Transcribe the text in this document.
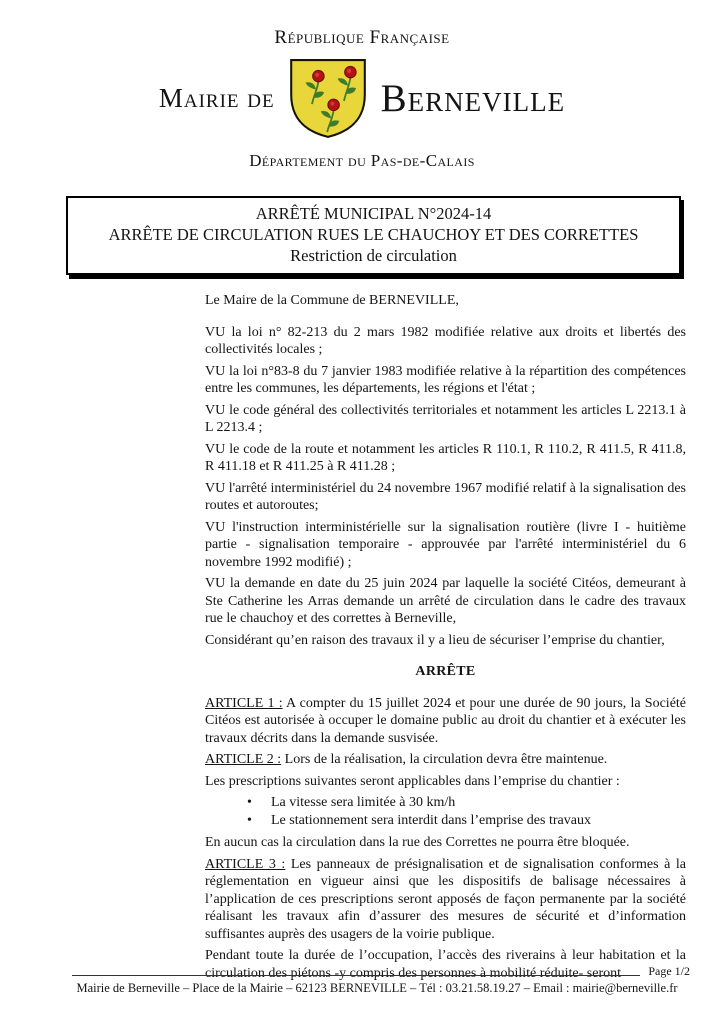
République Française
Mairie de	Berneville
Département du Pas-de-Calais
ARRÊTÉ MUNICIPAL N°2024-14
ARRÊTE DE CIRCULATION RUES LE CHAUCHOY ET DES CORRETTES
Restriction de circulation

Le Maire de la Commune de BERNEVILLE,

VU la loi n° 82-213 du 2 mars 1982 modifiée relative aux droits et libertés des collectivités locales ;

VU la loi n°83-8 du 7 janvier 1983 modifiée relative à la répartition des compétences entre les communes, les départements, les régions et l'état ;

VU le code général des collectivités territoriales et notamment les articles L 2213.1 à L 2213.4 ;

VU le code de la route et notamment les articles R 110.1, R 110.2, R 411.5, R 411.8, R 411.18 et R 411.25 à R 411.28 ;

VU l'arrêté interministériel du 24 novembre 1967 modifié relatif à la signalisation des routes et autoroutes;

VU l'instruction interministérielle sur la signalisation routière (livre I - huitième partie - signalisation temporaire - approuvée par l'arrêté interministériel du 6 novembre 1992 modifié) ;

VU la demande en date du 25 juin 2024 par laquelle la société Citéos, demeurant à Ste Catherine les Arras demande un arrêté de circulation dans le cadre des travaux rue le chauchoy et des correttes à Berneville,

Considérant qu’en raison des travaux il y a lieu de sécuriser l’emprise du chantier,

ARRÊTE

ARTICLE 1 : A compter du 15 juillet 2024 et pour une durée de 90 jours, la Société Citéos est autorisée à occuper le domaine public au droit du chantier et à exécuter les travaux décrits dans la demande susvisée.

ARTICLE 2 : Lors de la réalisation, la circulation devra être maintenue.

Les prescriptions suivantes seront applicables dans l’emprise du chantier :

•	La vitesse sera limitée à 30 km/h
•	Le stationnement sera interdit dans l’emprise des travaux

En aucun cas la circulation dans la rue des Correttes ne pourra être bloquée.

ARTICLE 3 : Les panneaux de présignalisation et de signalisation conformes à la réglementation en vigueur ainsi que les dispositifs de balisage nécessaires à l’application de ces prescriptions seront apposés de façon permanente par la société réalisant les travaux afin d’assurer des mesures de sécurité et d’information suffisantes auprès des usagers de la voirie publique.

Pendant toute la durée de l’occupation, l’accès des riverains à leur habitation et la circulation des piétons -y compris des personnes à mobilité réduite- seront	Page 1/2
Mairie de Berneville – Place de la Mairie – 62123 BERNEVILLE – Tél : 03.21.58.19.27 – Email : mairie@berneville.fr
